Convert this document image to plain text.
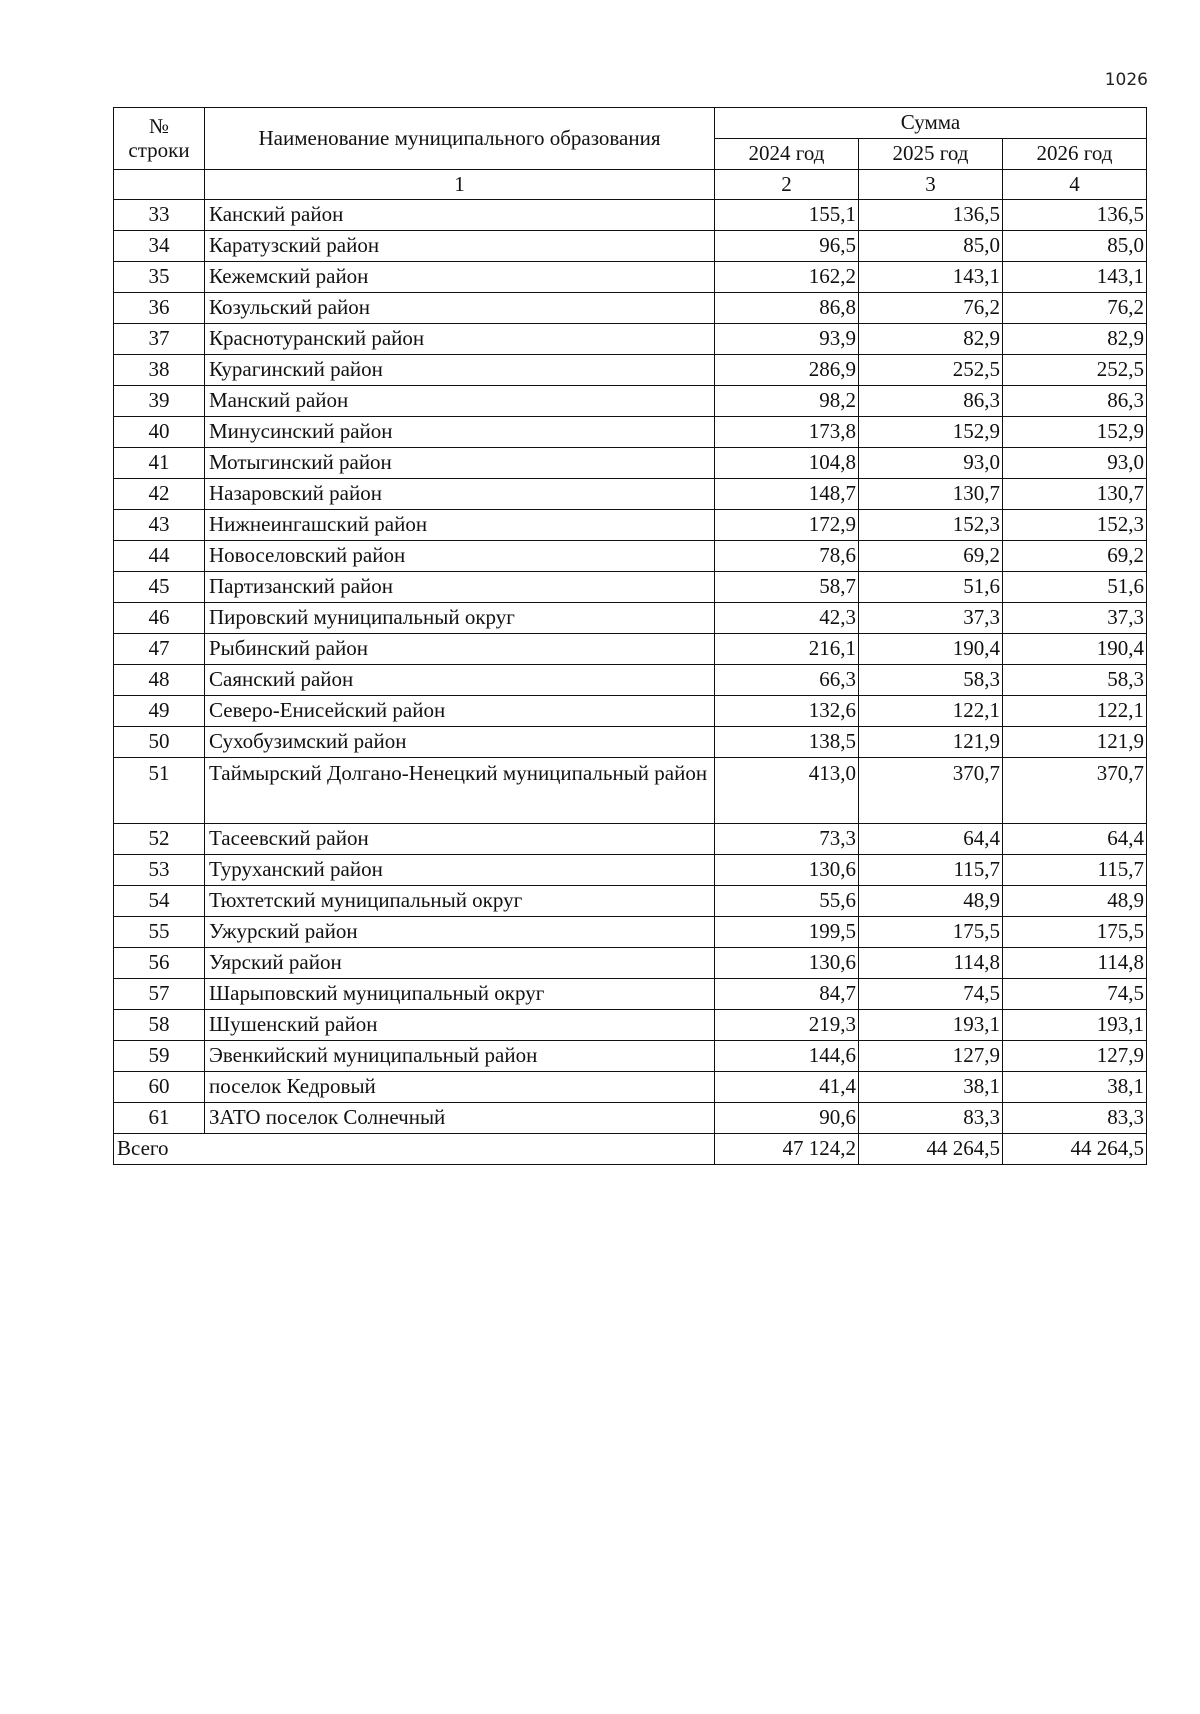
1026
№
строки	Наименование муниципального образования	Сумма		
		2024 год	2025 год	2026 год
	1	2	3	4
33	Канский район	155,1	136,5	136,5
34	Каратузский район	96,5	85,0	85,0
35	Кежемский район	162,2	143,1	143,1
36	Козульский район	86,8	76,2	76,2
37	Краснотуранский район	93,9	82,9	82,9
38	Курагинский район	286,9	252,5	252,5
39	Манский район	98,2	86,3	86,3
40	Минусинский район	173,8	152,9	152,9
41	Мотыгинский район	104,8	93,0	93,0
42	Назаровский район	148,7	130,7	130,7
43	Нижнеингашский район	172,9	152,3	152,3
44	Новоселовский район	78,6	69,2	69,2
45	Партизанский район	58,7	51,6	51,6
46	Пировский муниципальный округ	42,3	37,3	37,3
47	Рыбинский район	216,1	190,4	190,4
48	Саянский район	66,3	58,3	58,3
49	Северо-Енисейский район	132,6	122,1	122,1
50	Сухобузимский район	138,5	121,9	121,9
51	Таймырский Долгано-Ненецкий муниципальный район	413,0	370,7	370,7
52	Тасеевский район	73,3	64,4	64,4
53	Туруханский район	130,6	115,7	115,7
54	Тюхтетский муниципальный округ	55,6	48,9	48,9
55	Ужурский район	199,5	175,5	175,5
56	Уярский район	130,6	114,8	114,8
57	Шарыповский муниципальный округ	84,7	74,5	74,5
58	Шушенский район	219,3	193,1	193,1
59	Эвенкийский муниципальный район	144,6	127,9	127,9
60	поселок Кедровый	41,4	38,1	38,1
61	ЗАТО поселок Солнечный	90,6	83,3	83,3
Всего		47 124,2	44 264,5	44 264,5
